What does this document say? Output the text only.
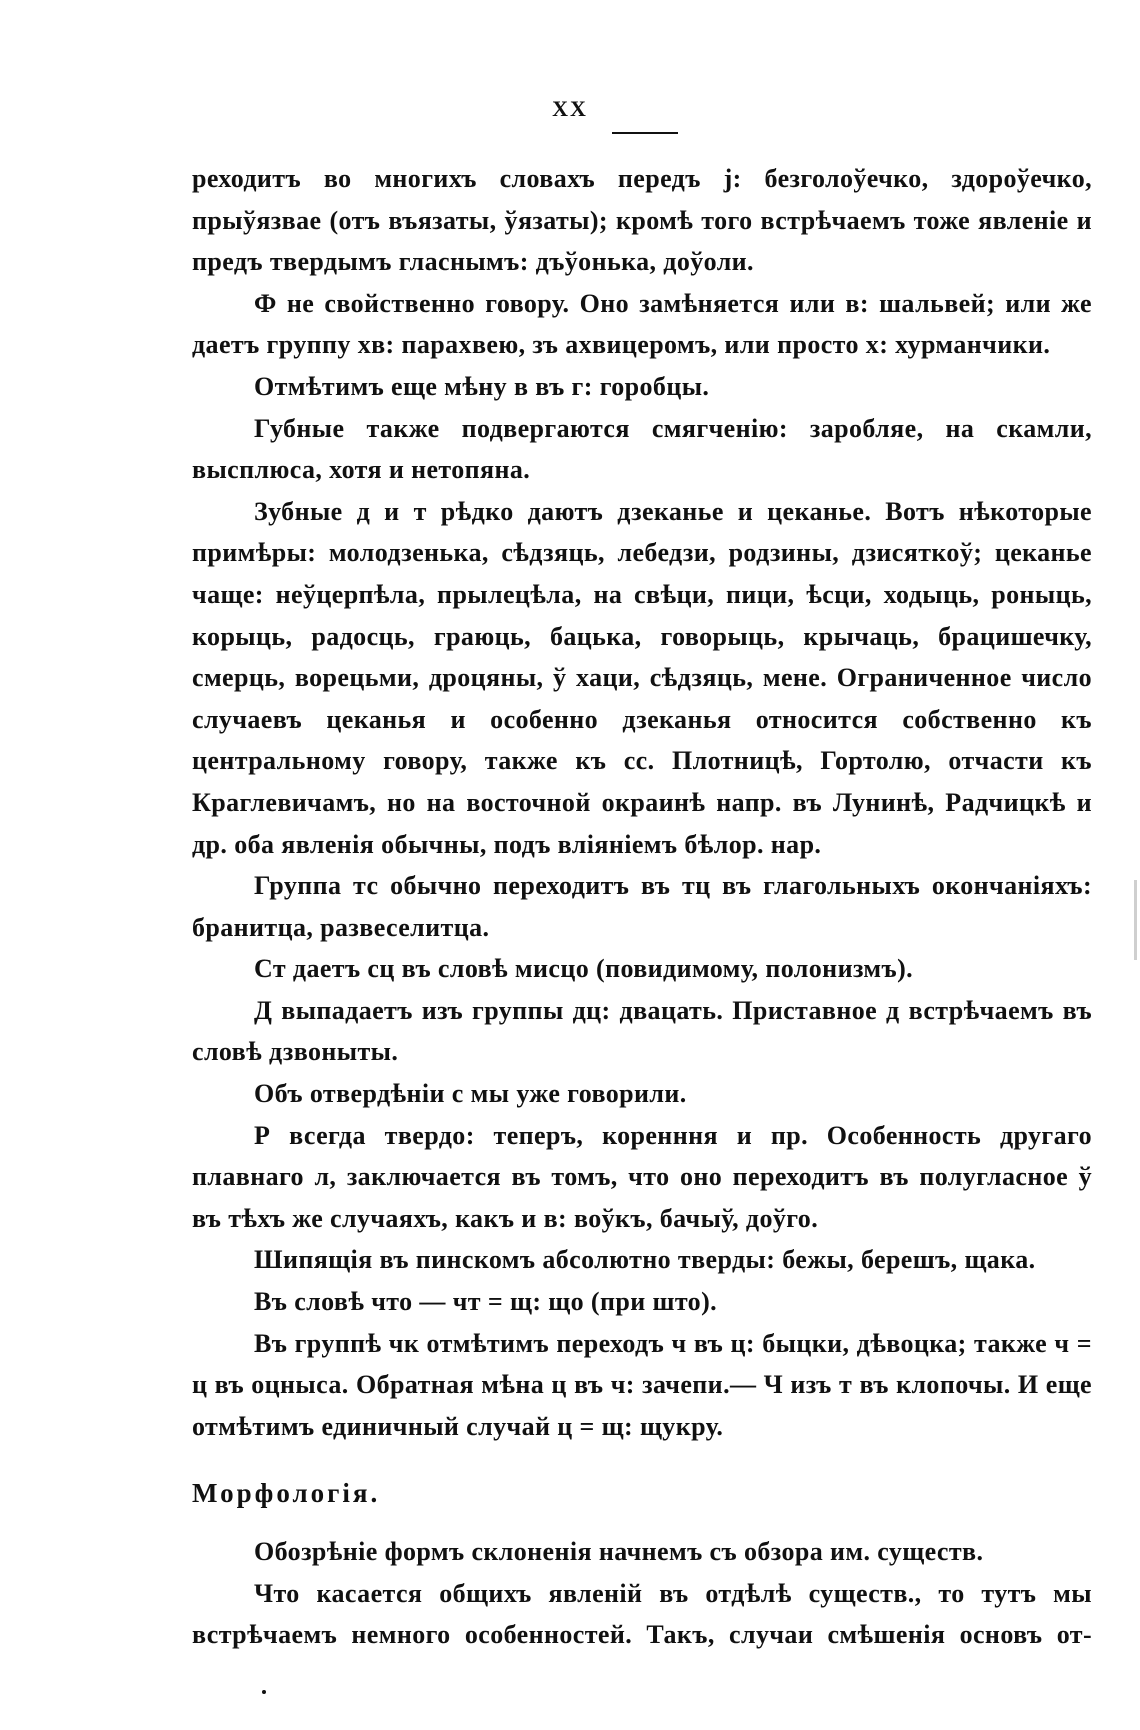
XX

реходитъ во многихъ словахъ передъ j: безголоўечко, здороўечко, прыўязвае (отъ въязаты, ўязаты); кромѣ того встрѣчаемъ тоже явленіе и предъ твердымъ гласнымъ: дъўонька, доўоли.

Ф не свойственно говору. Оно замѣняется или в: шальвей; или же даетъ группу хв: парахвею, зъ ахвицеромъ, или просто х: хурманчики.

Отмѣтимъ еще мѣну в въ г: горобцы.

Губные также подвергаются смягченію: заробляе, на скамли, высплюса, хотя и нетопяна.

Зубные д и т рѣдко даютъ дзеканье и цеканье. Вотъ нѣкоторые примѣры: молодзенька, сѣдзяць, лебедзи, родзины, дзисяткоў; цеканье чаще: неўцерпѣла, прылецѣла, на свѣци, пици, ѣсци, ходыць, роныць, корыць, радосць, граюць, бацька, говорыць, крычаць, брацишечку, смерць, ворецьми, дроцяны, ў хаци, сѣдзяць, мене. Ограниченное число случаевъ цеканья и особенно дзеканья относится собственно къ центральному говору, также къ сс. Плотницѣ, Гортолю, отчасти къ Краглевичамъ, но на восточной окраинѣ напр. въ Лунинѣ, Радчицкѣ и др. оба явленія обычны, подъ вліяніемъ бѣлор. нар.

Группа тс обычно переходитъ въ тц въ глагольныхъ окончаніяхъ: бранитца, развеселитца.

Ст даетъ сц въ словѣ мисцо (повидимому, полонизмъ).

Д выпадаетъ изъ группы дц: двацать. Приставное д встрѣчаемъ въ словѣ дзвоныты.

Объ отвердѣніи с мы уже говорили.

Р всегда твердо: теперъ, коренння и пр. Особенность другаго плавнаго л, заключается въ томъ, что оно переходитъ въ полугласное ў въ тѣхъ же случаяхъ, какъ и в: воўкъ, бачыў, доўго.

Шипящія въ пинскомъ абсолютно тверды: бежы, берешъ, щака.

Въ словѣ что — чт = щ: що (при што).

Въ группѣ чк отмѣтимъ переходъ ч въ ц: быцки, дѣвоцка; также ч = ц въ оцныса. Обратная мѣна ц въ ч: зачепи.— Ч изъ т въ клопочы. И еще отмѣтимъ единичный случай ц = щ: щукру.

Морфологія.

Обозрѣніе формъ склоненія начнемъ съ обзора им. существ.

Что касается общихъ явленій въ отдѣлѣ существ., то тутъ мы встрѣчаемъ немного особенностей. Такъ, случаи смѣшенія основъ от-
